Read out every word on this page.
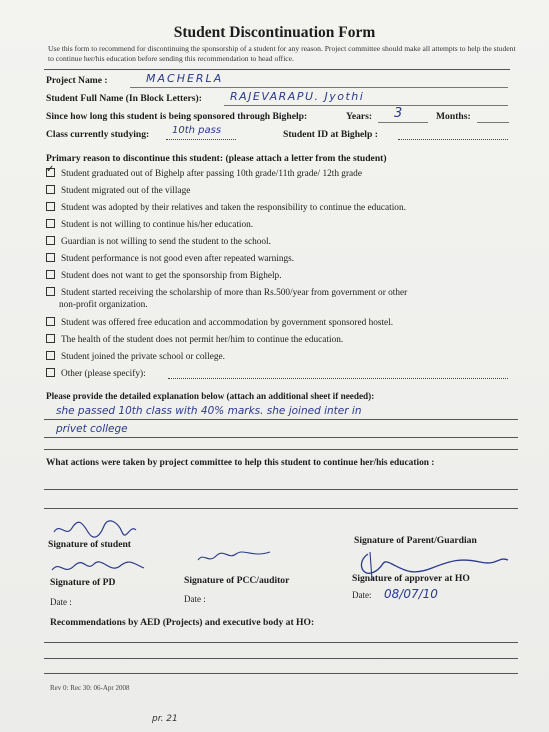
Student Discontinuation Form
Use this form to recommend for discontinuing the sponsorship of a student for any reason. Project committee should make all attempts to help the student to continue her/his education before sending this recommendation to head office.
Project Name :	MACHERLA
Student Full Name (In Block Letters):	RAJEVARAPU. Jyothi
Since how long this student is being sponsored through Bighelp:	Years: 3	Months:
Class currently studying: 10th pass	Student ID at Bighelp :
Primary reason to discontinue this student: (please attach a letter from the student)
✓Student graduated out of Bighelp after passing 10th grade/11th grade/ 12th grade
Student migrated out of the village
Student was adopted by their relatives and taken the responsibility to continue the education.
Student is not willing to continue his/her education.
Guardian is not willing to send the student to the school.
Student performance is not good even after repeated warnings.
Student does not want to get the sponsorship from Bighelp.
Student started receiving the scholarship of more than Rs.500/year from government or other
non-profit organization.
Student was offered free education and accommodation by government sponsored hostel.
The health of the student does not permit her/him to continue the education.
Student joined the private school or college.
Other (please specify):
Please provide the detailed explanation below (attach an additional sheet if needed):
she passed 10th class with 40% marks. she joined inter in
privet college
What actions were taken by project committee to help this student to continue her/his education :
Signature of student	Signature of Parent/Guardian
Signature of PD
Date :
Signature of PCC/auditor
Date :
Signature of approver at HO
Date: 08/07/10
Recommendations by AED (Projects) and executive body at HO:
Rev 0: Rec 30: 06-Apr 2008
pr. 21
